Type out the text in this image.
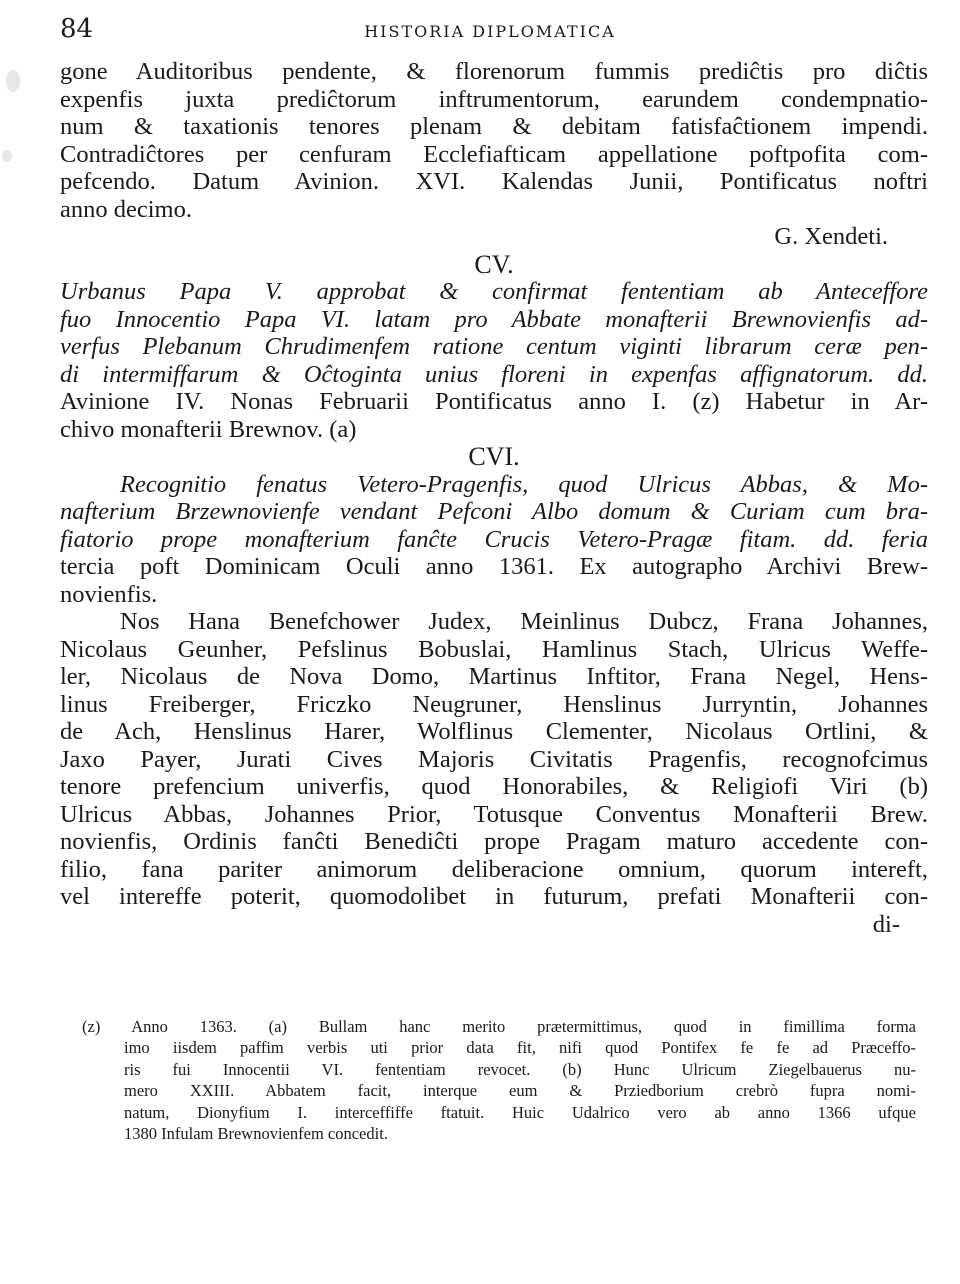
84	HISTORIA DIPLOMATICA
gone Auditoribus pendente, & florenorum fummis prediĉtis pro diĉtis
expenfis juxta prediĉtorum inftrumentorum, earundem condempnatio-
num & taxationis tenores plenam & debitam fatisfaĉtionem impendi.
Contradiĉtores per cenfuram Ecclefiafticam appellatione poftpofita com-
pefcendo. Datum Avinion. XVI. Kalendas Junii, Pontificatus noftri
anno decimo.
G. Xendeti.
CV.
Urbanus Papa V. approbat & confirmat fententiam ab Anteceffore
fuo Innocentio Papa VI. latam pro Abbate monafterii Brewnovienfis ad-
verfus Plebanum Chrudimenfem ratione centum viginti librarum ceræ pen-
di intermiffarum & Oĉtoginta unius floreni in expenfas affignatorum. dd.
Avinione IV. Nonas Februarii Pontificatus anno I. (z) Habetur in Ar-
chivo monafterii Brewnov. (a)
CVI.
Recognitio fenatus Vetero-Pragenfis, quod Ulricus Abbas, & Mo-
nafterium Brzewnovienfe vendant Pefconi Albo domum & Curiam cum bra-
fiatorio prope monafterium fanĉte Crucis Vetero-Pragæ fitam. dd. feria
tercia poft Dominicam Oculi anno 1361. Ex autographo Archivi Brew-
novienfis.
Nos Hana Benefchower Judex, Meinlinus Dubcz, Frana Johannes,
Nicolaus Geunher, Pefslinus Bobuslai, Hamlinus Stach, Ulricus Weffe-
ler, Nicolaus de Nova Domo, Martinus Inftitor, Frana Negel, Hens-
linus Freiberger, Friczko Neugruner, Henslinus Jurryntin, Johannes
de Ach, Henslinus Harer, Wolflinus Clementer, Nicolaus Ortlini, &
Jaxo Payer, Jurati Cives Majoris Civitatis Pragenfis, recognofcimus
tenore prefencium univerfis, quod Honorabiles, & Religiofi Viri (b)
Ulricus Abbas, Johannes Prior, Totusque Conventus Monafterii Brew.
novienfis, Ordinis fanĉti Benediĉti prope Pragam maturo accedente con-
filio, fana pariter animorum deliberacione omnium, quorum intereft,
vel intereffe poterit, quomodolibet in futurum, prefati Monafterii con-
di-
(z) Anno 1363. (a) Bullam hanc merito prætermittimus, quod in fimillima forma
imo iisdem paffim verbis uti prior data fit, nifi quod Pontifex fe fe ad Præceffo-
ris fui Innocentii VI. fententiam revocet. (b) Hunc Ulricum Ziegelbauerus nu-
mero XXIII. Abbatem facit, interque eum & Prziedborium crebrò fupra nomi-
natum, Dionyfium I. interceffiffe ftatuit. Huic Udalrico vero ab anno 1366 ufque
1380 Infulam Brewnovienfem concedit.
